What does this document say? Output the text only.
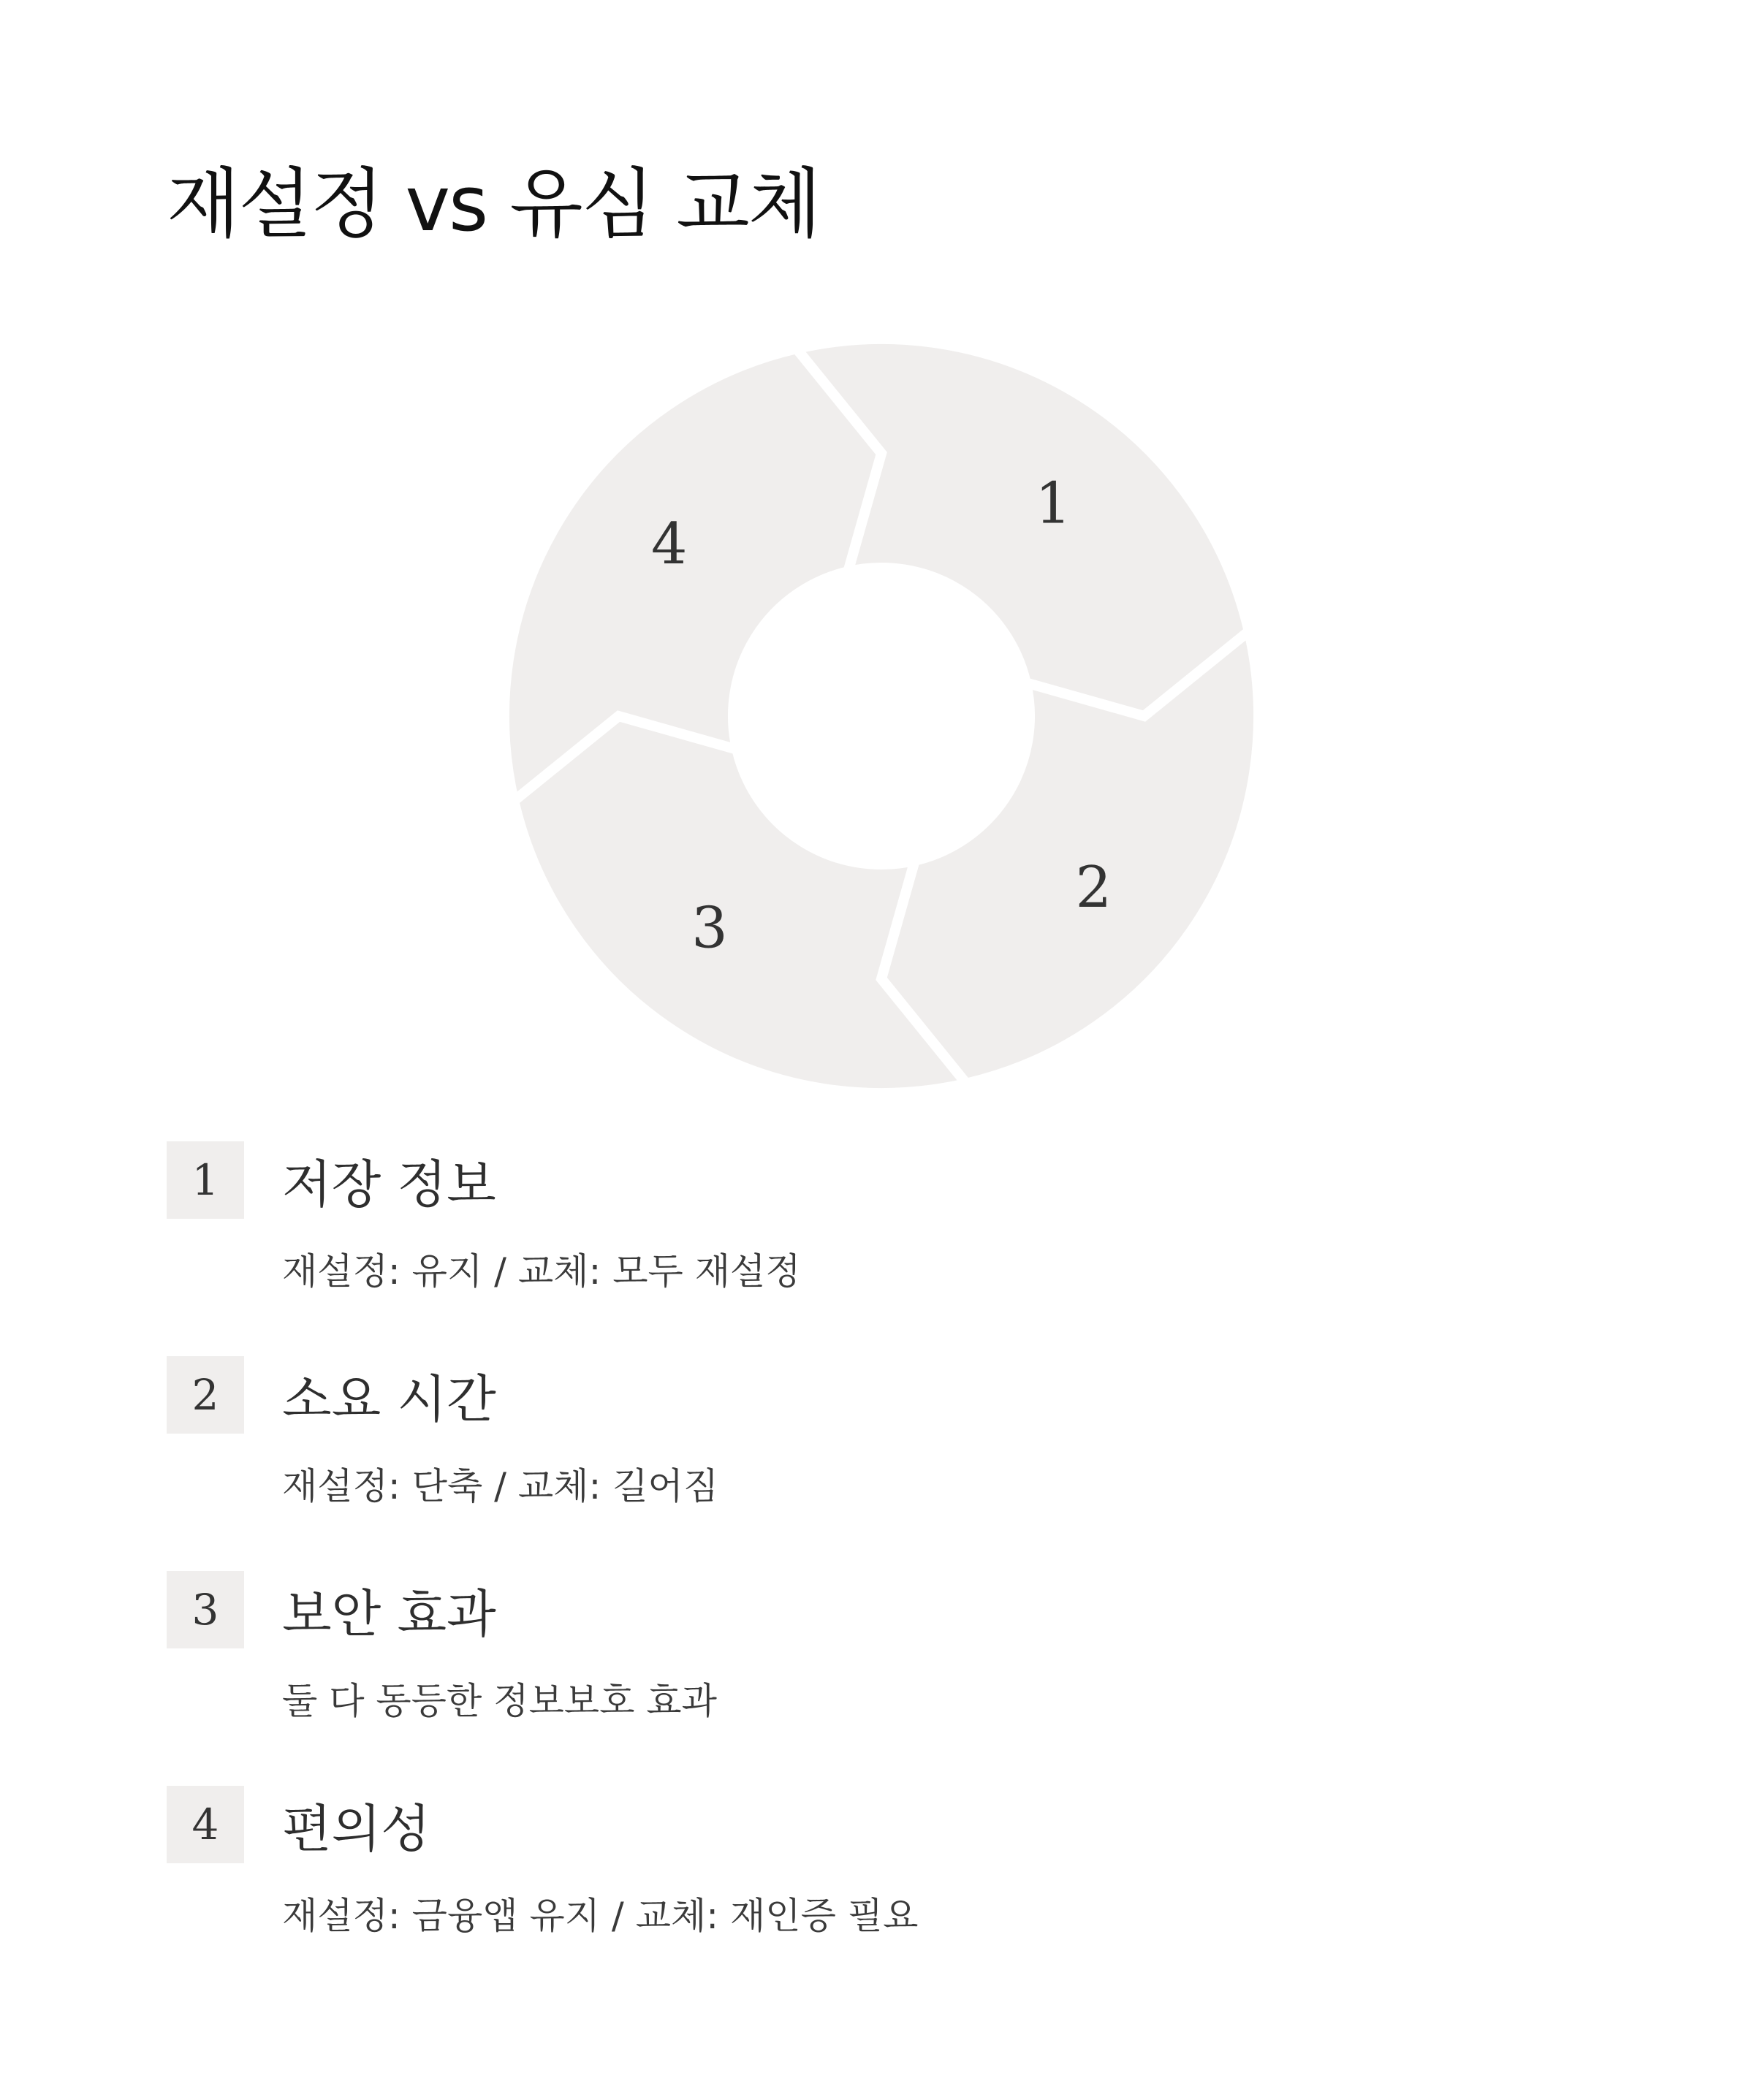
재설정 vs 유심 교체
1
2
3
4
1	저장 정보
재설정: 유지 / 교체: 모두 재설정
2	소요 시간
재설정: 단축 / 교체: 길어짐
3	보안 효과
둘 다 동등한 정보보호 효과
4	편의성
재설정: 금융앱 유지 / 교체: 재인증 필요
